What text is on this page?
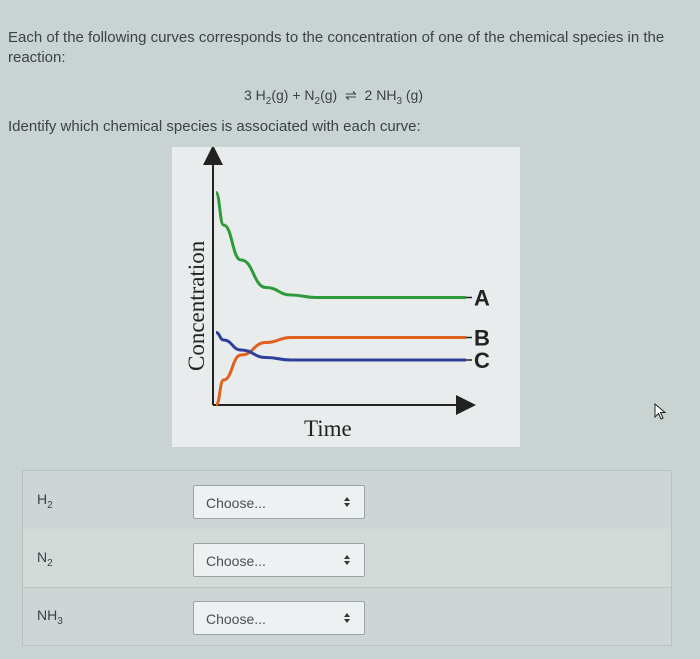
Each of the following curves corresponds to the concentration of one of the chemical species in the reaction:
3 $H_2(g) + N_2(g)$ ⇌ 2 $NH_3$ (g)
Identify which chemical species is associated with each curve:
Concentration
Time
A
B
C
$H_2$	Choose...
$N_2$	Choose...
$NH_3$	Choose...
